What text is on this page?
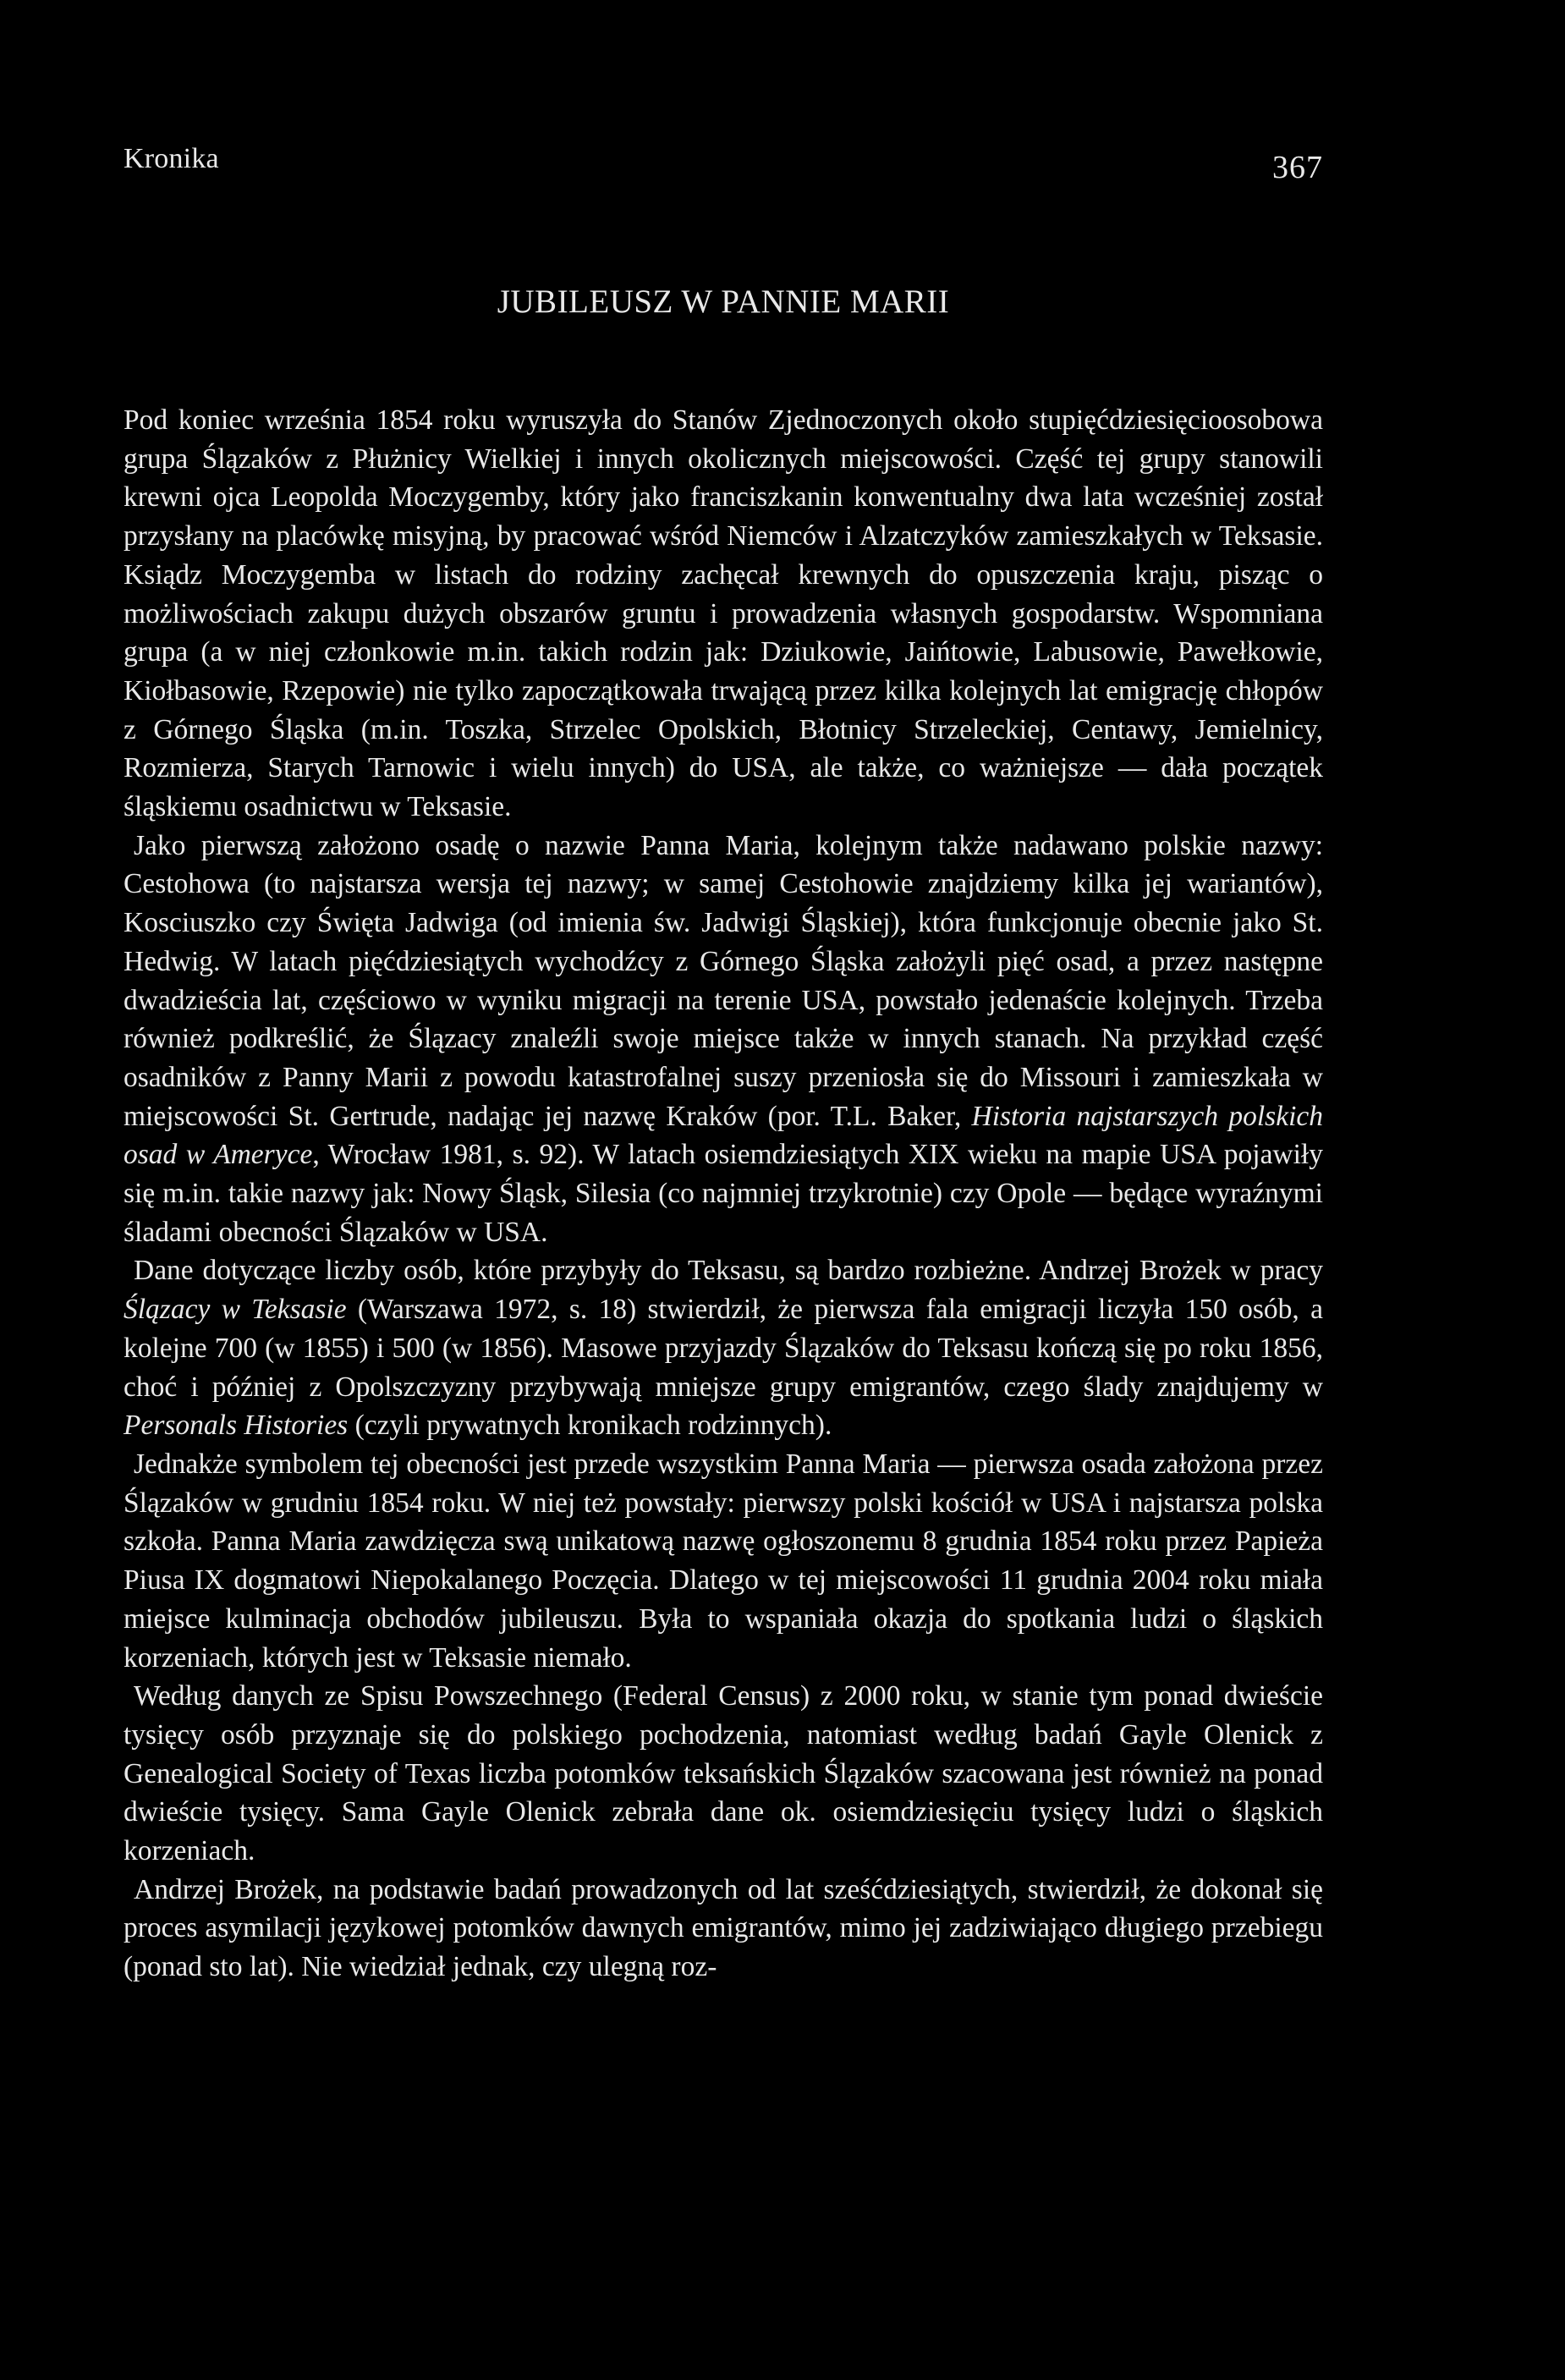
Kronika	367
JUBILEUSZ W PANNIE MARII

Pod koniec września 1854 roku wyruszyła do Stanów Zjednoczonych około stupięćdziesięcioosobowa grupa Ślązaków z Płużnicy Wielkiej i innych okolicznych miejscowości. Część tej grupy stanowili krewni ojca Leopolda Moczygemby, który jako franciszkanin konwentualny dwa lata wcześniej został przysłany na placówkę misyjną, by pracować wśród Niemców i Alzatczyków zamieszkałych w Teksasie. Ksiądz Moczygemba w listach do rodziny zachęcał krewnych do opuszczenia kraju, pisząc o możliwościach zakupu dużych obszarów gruntu i prowadzenia własnych gospodarstw. Wspomniana grupa (a w niej członkowie m.in. takich rodzin jak: Dziukowie, Jaińtowie, Labusowie, Pawełkowie, Kiołbasowie, Rzepowie) nie tylko zapoczątkowała trwającą przez kilka kolejnych lat emigrację chłopów z Górnego Śląska (m.in. Toszka, Strzelec Opolskich, Błotnicy Strzeleckiej, Centawy, Jemielnicy, Rozmierza, Starych Tarnowic i wielu innych) do USA, ale także, co ważniejsze — dała początek śląskiemu osadnictwu w Teksasie.

Jako pierwszą założono osadę o nazwie Panna Maria, kolejnym także nadawano polskie nazwy: Cestohowa (to najstarsza wersja tej nazwy; w samej Cestohowie znajdziemy kilka jej wariantów), Kosciuszko czy Święta Jadwiga (od imienia św. Jadwigi Śląskiej), która funkcjonuje obecnie jako St. Hedwig. W latach pięćdziesiątych wychodźcy z Górnego Śląska założyli pięć osad, a przez następne dwadzieścia lat, częściowo w wyniku migracji na terenie USA, powstało jedenaście kolejnych. Trzeba również podkreślić, że Ślązacy znaleźli swoje miejsce także w innych stanach. Na przykład część osadników z Panny Marii z powodu katastrofalnej suszy przeniosła się do Missouri i zamieszkała w miejscowości St. Gertrude, nadając jej nazwę Kraków (por. T.L. Baker, Historia najstarszych polskich osad w Ameryce, Wrocław 1981, s. 92). W latach osiemdziesiątych XIX wieku na mapie USA pojawiły się m.in. takie nazwy jak: Nowy Śląsk, Silesia (co najmniej trzykrotnie) czy Opole — będące wyraźnymi śladami obecności Ślązaków w USA.

Dane dotyczące liczby osób, które przybyły do Teksasu, są bardzo rozbieżne. Andrzej Brożek w pracy Ślązacy w Teksasie (Warszawa 1972, s. 18) stwierdził, że pierwsza fala emigracji liczyła 150 osób, a kolejne 700 (w 1855) i 500 (w 1856). Masowe przyjazdy Ślązaków do Teksasu kończą się po roku 1856, choć i później z Opolszczyzny przybywają mniejsze grupy emigrantów, czego ślady znajdujemy w Personals Histories (czyli prywatnych kronikach rodzinnych).

Jednakże symbolem tej obecności jest przede wszystkim Panna Maria — pierwsza osada założona przez Ślązaków w grudniu 1854 roku. W niej też powstały: pierwszy polski kościół w USA i najstarsza polska szkoła. Panna Maria zawdzięcza swą unikatową nazwę ogłoszonemu 8 grudnia 1854 roku przez Papieża Piusa IX dogmatowi Niepokalanego Poczęcia. Dlatego w tej miejscowości 11 grudnia 2004 roku miała miejsce kulminacja obchodów jubileuszu. Była to wspaniała okazja do spotkania ludzi o śląskich korzeniach, których jest w Teksasie niemało.

Według danych ze Spisu Powszechnego (Federal Census) z 2000 roku, w stanie tym ponad dwieście tysięcy osób przyznaje się do polskiego pochodzenia, natomiast według badań Gayle Olenick z Genealogical Society of Texas liczba potomków teksańskich Ślązaków szacowana jest również na ponad dwieście tysięcy. Sama Gayle Olenick zebrała dane ok. osiemdziesięciu tysięcy ludzi o śląskich korzeniach.

Andrzej Brożek, na podstawie badań prowadzonych od lat sześćdziesiątych, stwierdził, że dokonał się proces asymilacji językowej potomków dawnych emigrantów, mimo jej zadziwiająco długiego przebiegu (ponad sto lat). Nie wiedział jednak, czy ulegną roz-
